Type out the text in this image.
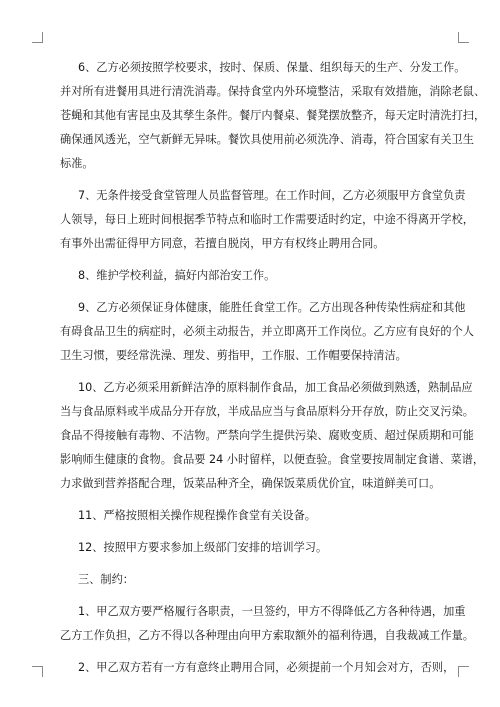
6、乙方必须按照学校要求，按时、保质、保量、组织每天的生产、分发工作。

并对所有进餐用具进行清洗消毒。保持食堂内外环境整洁，采取有效措施，消除老鼠、

苍蝇和其他有害昆虫及其孳生条件。餐厅内餐桌、餐凳摆放整齐，每天定时清洗打扫，

确保通风透光，空气新鲜无异味。餐饮具使用前必须洗净、消毒，符合国家有关卫生

标准。

7、无条件接受食堂管理人员监督管理。在工作时间，乙方必须服甲方食堂负责

人领导，每日上班时间根据季节特点和临时工作需要适时约定，中途不得离开学校，

有事外出需征得甲方同意，若擅自脱岗，甲方有权终止聘用合同。

8、维护学校利益，搞好内部治安工作。

9、乙方必须保证身体健康，能胜任食堂工作。乙方出现各种传染性病症和其他

有碍食品卫生的病症时，必须主动报告，并立即离开工作岗位。乙方应有良好的个人

卫生习惯，要经常洗澡、理发、剪指甲，工作服、工作帽要保持清洁。

10、乙方必须采用新鲜洁净的原料制作食品，加工食品必须做到熟透，熟制品应

当与食品原料或半成品分开存放，半成品应当与食品原料分开存放，防止交叉污染。

食品不得接触有毒物、不洁物。严禁向学生提供污染、腐败变质、超过保质期和可能

影响师生健康的食物。食品要 24 小时留样，以便查验。食堂要按周制定食谱、菜谱，

力求做到营养搭配合理，饭菜品种齐全，确保饭菜质优价宜，味道鲜美可口。

11、严格按照相关操作规程操作食堂有关设备。

12、按照甲方要求参加上级部门安排的培训学习。

三、制约：

1、甲乙双方要严格履行各职责，一旦签约，甲方不得降低乙方各种待遇，加重

乙方工作负担，乙方不得以各种理由向甲方索取额外的福利待遇，自我裁减工作量。

2、甲乙双方若有一方有意终止聘用合同，必须提前一个月知会对方，否则，
